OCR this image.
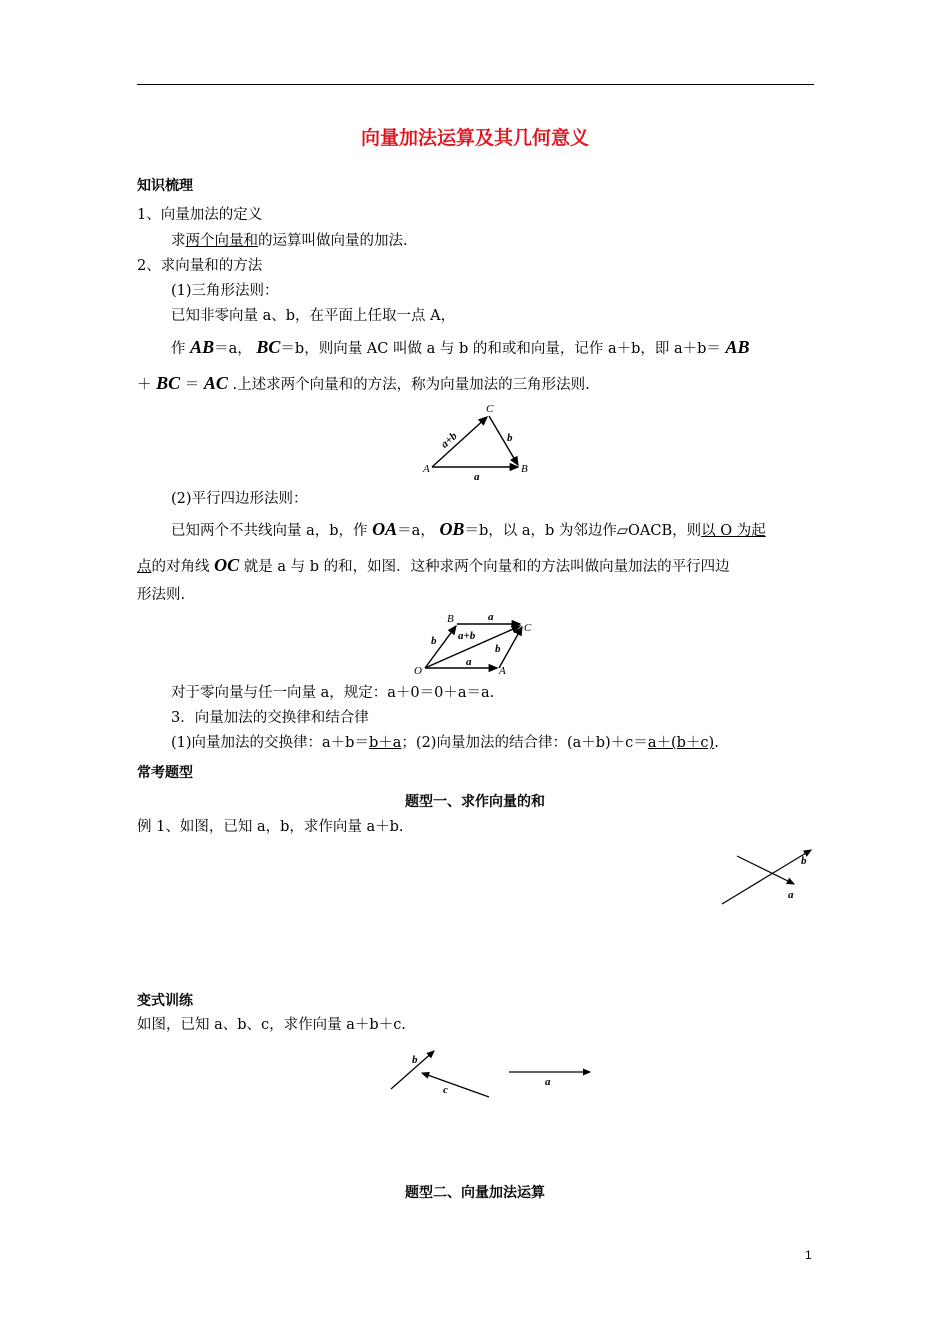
向量加法运算及其几何意义
知识梳理
1、向量加法的定义
求两个向量和的运算叫做向量的加法.
2、求向量和的方法
(1)三角形法则：
已知非零向量 a、b，在平面上任取一点 A，
作 AB＝a， BC＝b，则向量 AC 叫做 a 与 b 的和或和向量，记作 a＋b，即 a＋b＝ AB
＋ BC ＝ AC .上述求两个向量和的方法，称为向量加法的三角形法则.
A	B
C
a
b
a+b
(2)平行四边形法则：
已知两个不共线向量 a，b，作 OA＝a， OB＝b，以 a，b 为邻边作▱OACB，则以 O 为起
点的对角线 OC 就是 a 与 b 的和，如图．这种求两个向量和的方法叫做向量加法的平行四边
形法则.
O	A
B
C
a
a
b
b
a+b
对于零向量与任一向量 a，规定：a＋0＝0＋a＝a.
3．向量加法的交换律和结合律
(1)向量加法的交换律：a＋b＝b＋a；(2)向量加法的结合律：(a＋b)＋c＝a＋(b＋c).
常考题型
题型一、求作向量的和
例 1、如图，已知 a，b，求作向量 a＋b.
b
a
变式训练
如图，已知 a、b、c，求作向量 a＋b＋c.
b
c
a
题型二、向量加法运算
1
